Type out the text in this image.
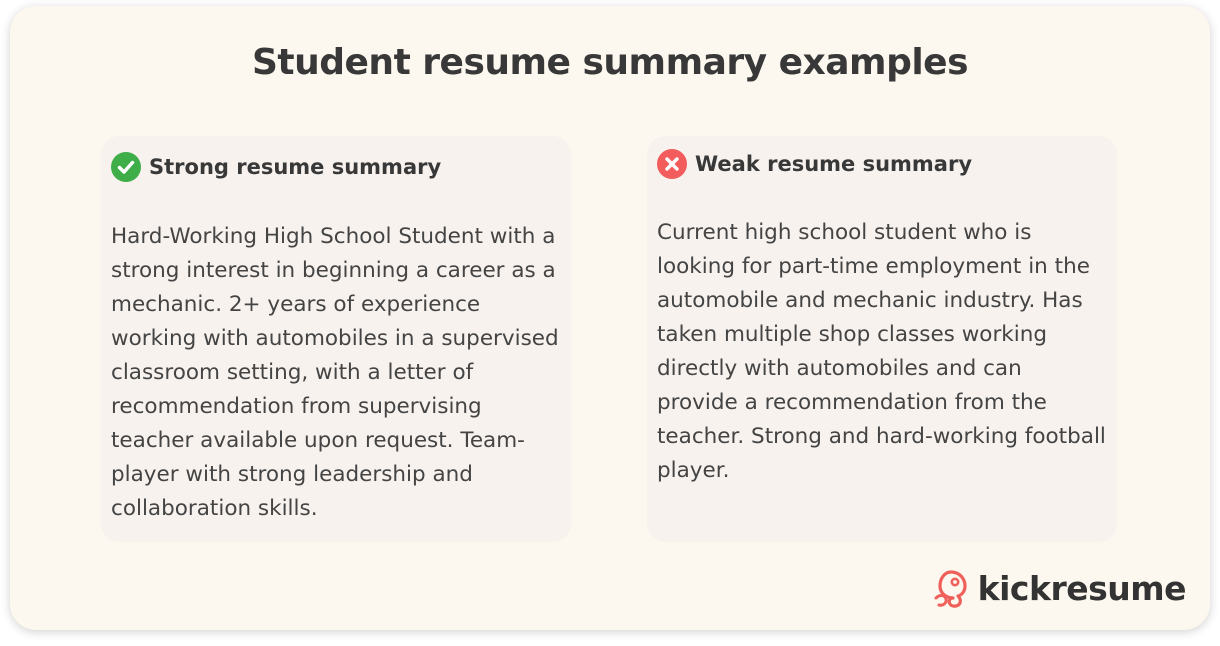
Student resume summary examples
Strong resume summary
Hard-Working High School Student with a strong interest in beginning a career as a mechanic. 2+ years of experience working with automobiles in a supervised classroom setting, with a letter of recommendation from supervising teacher available upon request. Team-player with strong leadership and collaboration skills.
Weak resume summary
Current high school student who is looking for part-time employment in the automobile and mechanic industry. Has taken multiple shop classes working directly with automobiles and can provide a recommendation from the teacher. Strong and hard-working football player.
kickresume
